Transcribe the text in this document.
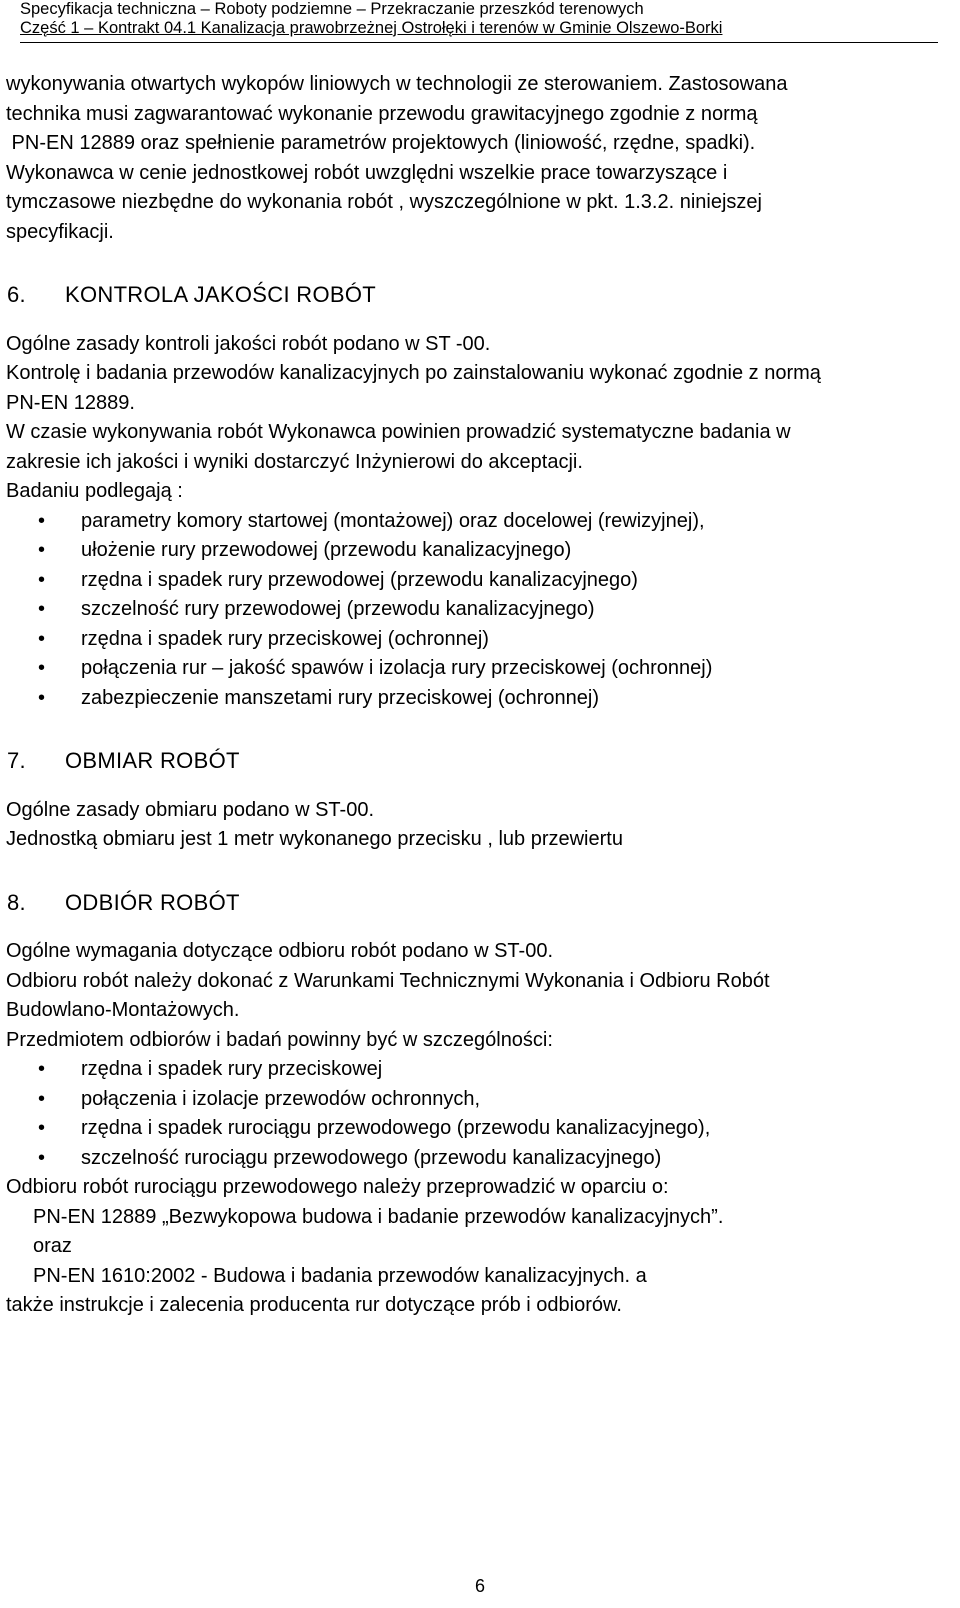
Specyfikacja techniczna – Roboty podziemne – Przekraczanie przeszkód terenowych
Część 1 – Kontrakt 04.1 Kanalizacja prawobrzeżnej Ostrołęki i terenów w Gminie Olszewo-Borki

wykonywania otwartych wykopów liniowych w technologii ze sterowaniem. Zastosowana

technika musi zagwarantować wykonanie przewodu grawitacyjnego zgodnie z normą

PN-EN 12889 oraz spełnienie parametrów projektowych (liniowość, rzędne, spadki).

Wykonawca w cenie jednostkowej robót uwzględni wszelkie prace towarzyszące i

tymczasowe niezbędne do wykonania robót , wyszczególnione w pkt. 1.3.2. niniejszej

specyfikacji.

6. KONTROLA JAKOŚCI ROBÓT

Ogólne zasady kontroli jakości robót podano w ST -00.

Kontrolę i badania przewodów kanalizacyjnych po zainstalowaniu wykonać zgodnie z normą

PN-EN 12889.

W czasie wykonywania robót Wykonawca powinien prowadzić systematyczne badania w

zakresie ich jakości i wyniki dostarczyć Inżynierowi do akceptacji.

Badaniu podlegają :

• parametry komory startowej (montażowej) oraz docelowej (rewizyjnej),
• ułożenie rury przewodowej (przewodu kanalizacyjnego)
• rzędna i spadek rury przewodowej (przewodu kanalizacyjnego)
• szczelność rury przewodowej (przewodu kanalizacyjnego)
• rzędna i spadek rury przeciskowej (ochronnej)
• połączenia rur – jakość spawów i izolacja rury przeciskowej (ochronnej)
• zabezpieczenie manszetami rury przeciskowej (ochronnej)

7. OBMIAR ROBÓT

Ogólne zasady obmiaru podano w ST-00.

Jednostką obmiaru jest 1 metr wykonanego przecisku , lub przewiertu

8. ODBIÓR ROBÓT

Ogólne wymagania dotyczące odbioru robót podano w ST-00.

Odbioru robót należy dokonać z Warunkami Technicznymi Wykonania i Odbioru Robót

Budowlano-Montażowych.

Przedmiotem odbiorów i badań powinny być w szczególności:

• rzędna i spadek rury przeciskowej
• połączenia i izolacje przewodów ochronnych,
• rzędna i spadek rurociągu przewodowego (przewodu kanalizacyjnego),
• szczelność rurociągu przewodowego (przewodu kanalizacyjnego)

Odbioru robót rurociągu przewodowego należy przeprowadzić w oparciu o:

PN-EN 12889 „Bezwykopowa budowa i badanie przewodów kanalizacyjnych”.

oraz

PN-EN 1610:2002 - Budowa i badania przewodów kanalizacyjnych. a

także instrukcje i zalecenia producenta rur dotyczące prób i odbiorów.

6
